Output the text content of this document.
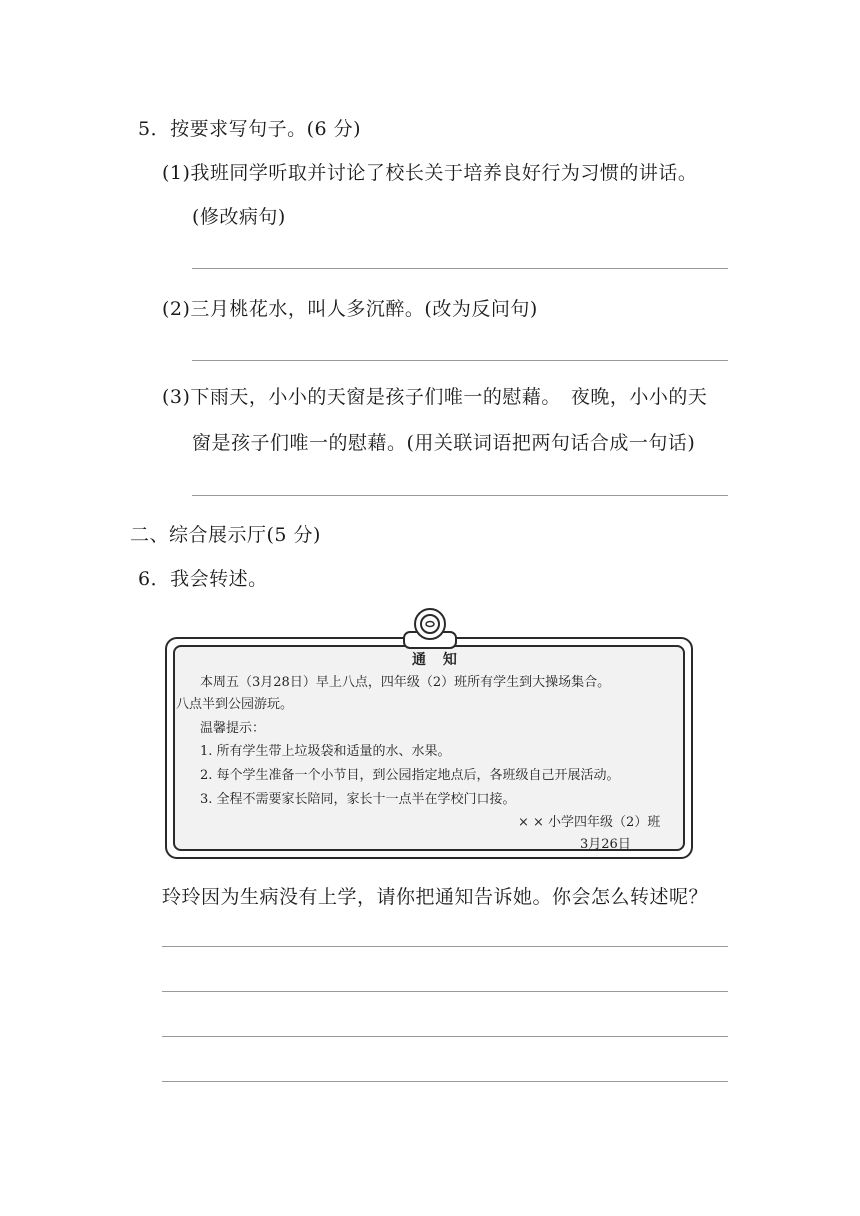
5．按要求写句子。(6 分)
(1)我班同学听取并讨论了校长关于培养良好行为习惯的讲话。
(修改病句)
(2)三月桃花水，叫人多沉醉。(改为反问句)
(3)下雨天，小小的天窗是孩子们唯一的慰藉。　夜晚，小小的天
窗是孩子们唯一的慰藉。(用关联词语把两句话合成一句话)
二、综合展示厅(5 分)
6．我会转述。
通 知
本周五（3月28日）早上八点，四年级（2）班所有学生到大操场集合。
八点半到公园游玩。
温馨提示：
1. 所有学生带上垃圾袋和适量的水、水果。
2. 每个学生准备一个小节目，到公园指定地点后，各班级自己开展活动。
3. 全程不需要家长陪同，家长十一点半在学校门口接。
× × 小学四年级（2）班
3月26日
玲玲因为生病没有上学，请你把通知告诉她。你会怎么转述呢？
